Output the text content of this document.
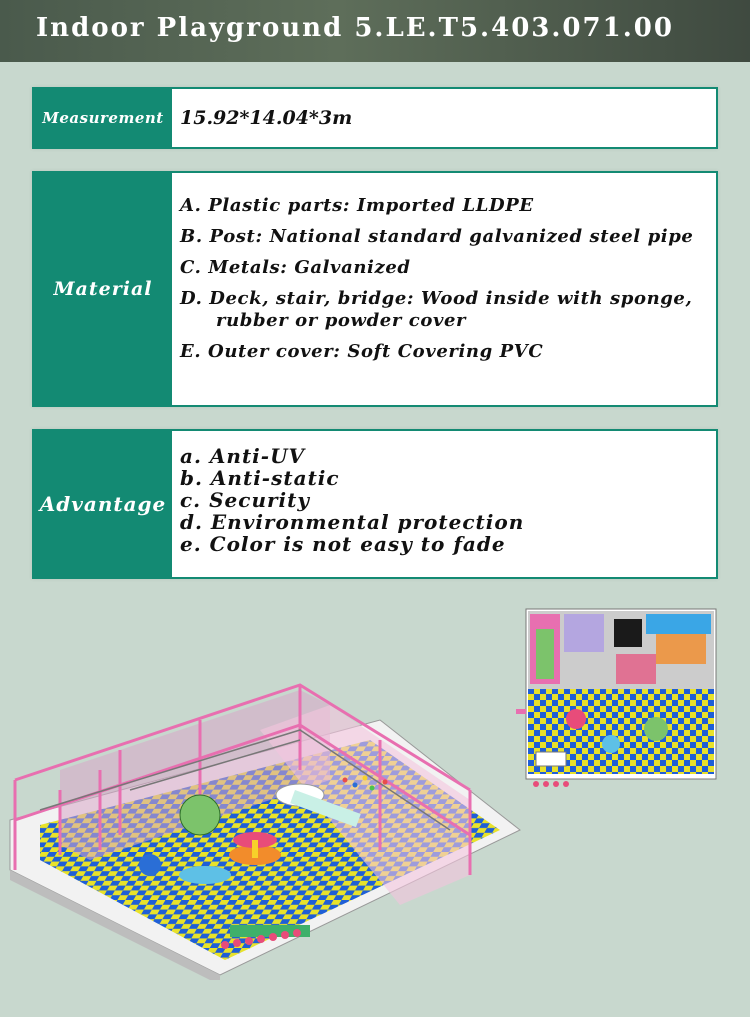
Indoor Playground 5.LE.T5.403.071.00
Measurement 15.92*14.04*3m
Material
A. Plastic parts: Imported LLDPE
B. Post: National standard galvanized steel pipe
C. Metals: Galvanized
D. Deck, stair, bridge: Wood inside with sponge,
rubber or powder cover
E. Outer cover: Soft Covering PVC
Advantage
a. Anti-UV
b. Anti-static
c. Security
d. Environmental protection
e. Color is not easy to fade
